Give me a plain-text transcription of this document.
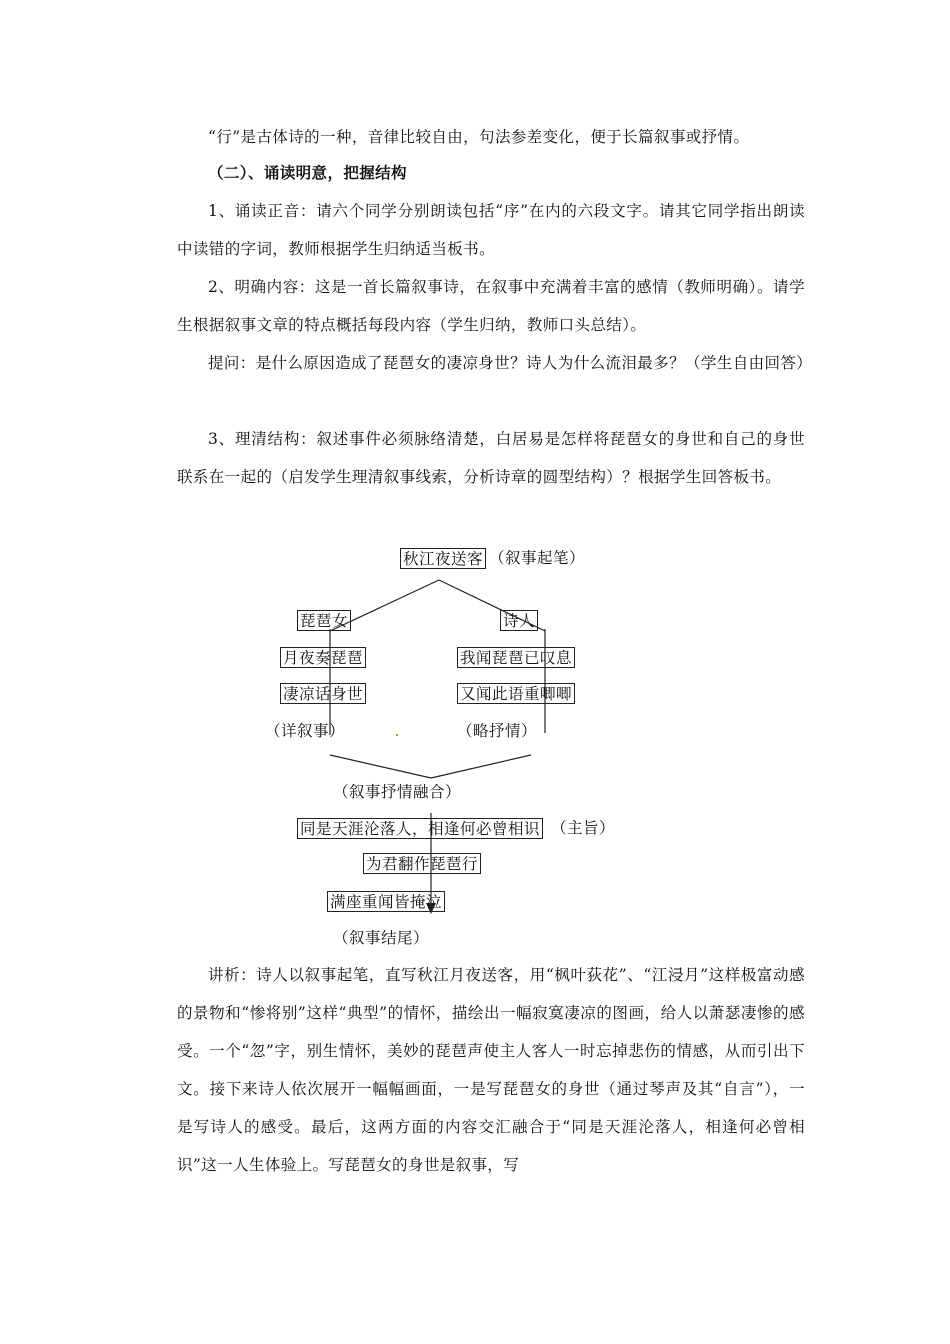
“行”是古体诗的一种，音律比较自由，句法参差变化，便于长篇叙事或抒情。

（二）、诵读明意，把握结构

1、诵读正音：请六个同学分别朗读包括“序”在内的六段文字。请其它同学指出朗读中读错的字词，教师根据学生归纳适当板书。

2、明确内容：这是一首长篇叙事诗，在叙事中充满着丰富的感情（教师明确）。请学生根据叙事文章的特点概括每段内容（学生归纳，教师口头总结）。

提问：是什么原因造成了琵琶女的凄凉身世？诗人为什么流泪最多？（学生自由回答）

3、理清结构：叙述事件必须脉络清楚，白居易是怎样将琵琶女的身世和自己的身世联系在一起的（启发学生理清叙事线索，分析诗章的圆型结构）？根据学生回答板书。

秋江夜送客 （叙事起笔）
琵琶女	诗人
月夜奏琵琶	我闻琵琶已叹息
凄凉话身世	又闻此语重唧唧
（详叙事）	（略抒情）
（叙事抒情融合）
同是天涯沦落人，相逢何必曾相识 （主旨）
为君翻作琵琶行
满座重闻皆掩泣
（叙事结尾）

讲析：诗人以叙事起笔，直写秋江月夜送客，用“枫叶荻花”、“江浸月”这样极富动感的景物和“惨将别”这样“典型”的情怀，描绘出一幅寂寞凄凉的图画，给人以萧瑟凄惨的感受。一个“忽”字，别生情怀，美妙的琵琶声使主人客人一时忘掉悲伤的情感，从而引出下文。接下来诗人依次展开一幅幅画面，一是写琵琶女的身世（通过琴声及其“自言”），一是写诗人的感受。最后，这两方面的内容交汇融合于“同是天涯沦落人，相逢何必曾相识”这一人生体验上。写琵琶女的身世是叙事，写
